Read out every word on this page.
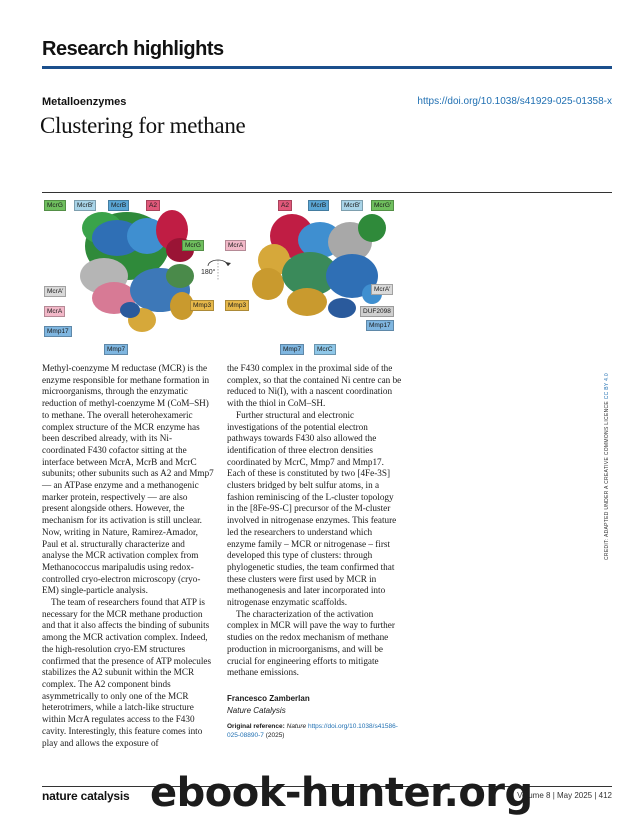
Research highlights
Metalloenzymes	https://doi.org/10.1038/s41929-025-01358-x
Clustering for methane
180°
McrG	McrB′	McrB	A2
McrG
McrA′
McrA
Mmp3
Mmp17
Mmp7
A2	McrB	McrB′	McrG′
McrA
McrA′
Mmp3
DUF2098
Mmp17
Mmp7	McrC

Methyl-coenzyme M reductase (MCR) is the enzyme responsible for methane formation in microorganisms, through the enzymatic reduction of methyl-coenzyme M (CoM–SH) to methane. The overall heterohexameric complex structure of the MCR enzyme has been described already, with its Ni-coordinated F430 cofactor sitting at the interface between McrA, McrB and McrC subunits; other subunits such as A2 and Mmp7 — an ATPase enzyme and a methanogenic marker protein, respectively — are also present alongside others. However, the mechanism for its activation is still unclear. Now, writing in Nature, Ramirez-Amador, Paul et al. structurally characterize and analyse the MCR activation complex from Methanococcus maripaludis using redox-controlled cryo-electron microscopy (cryo-EM) single-particle analysis.

The team of researchers found that ATP is necessary for the MCR methane production and that it also affects the binding of subunits among the MCR activation complex. Indeed, the high-resolution cryo-EM structures confirmed that the presence of ATP molecules stabilizes the A2 subunit within the MCR complex. The A2 component binds asymmetrically to only one of the MCR heterotrimers, while a latch-like structure within McrA regulates access to the F430 cavity. Interestingly, this feature comes into play and allows the exposure of

the F430 complex in the proximal side of the complex, so that the contained Ni centre can be reduced to Ni(I), with a nascent coordination with the thiol in CoM–SH.

Further structural and electronic investigations of the potential electron pathways towards F430 also allowed the identification of three electron densities coordinated by McrC, Mmp7 and Mmp17. Each of these is constituted by two [4Fe-3S] clusters bridged by belt sulfur atoms, in a fashion reminiscing of the L-cluster topology in the [8Fe-9S-C] precursor of the M-cluster involved in nitrogenase enzymes. This feature led the researchers to understand which enzyme family – MCR or nitrogenase – first developed this type of clusters: through phylogenetic studies, the team confirmed that these clusters were first used by MCR in methanogenesis and later incorporated into nitrogenase enzymatic scaffolds.

The characterization of the activation complex in MCR will pave the way to further studies on the redox mechanism of methane production in microorganisms, and will be crucial for engineering efforts to mitigate methane emissions.

Francesco Zamberlan
Nature Catalysis
Original reference: Nature https://doi.org/10.1038/s41586-025-08890-7 (2025)
CREDIT: ADAPTED UNDER A CREATIVE COMMONS LICENCE CC BY 4.0
nature catalysis	Volume 8 | May 2025 | 412
ebook-hunter.org
